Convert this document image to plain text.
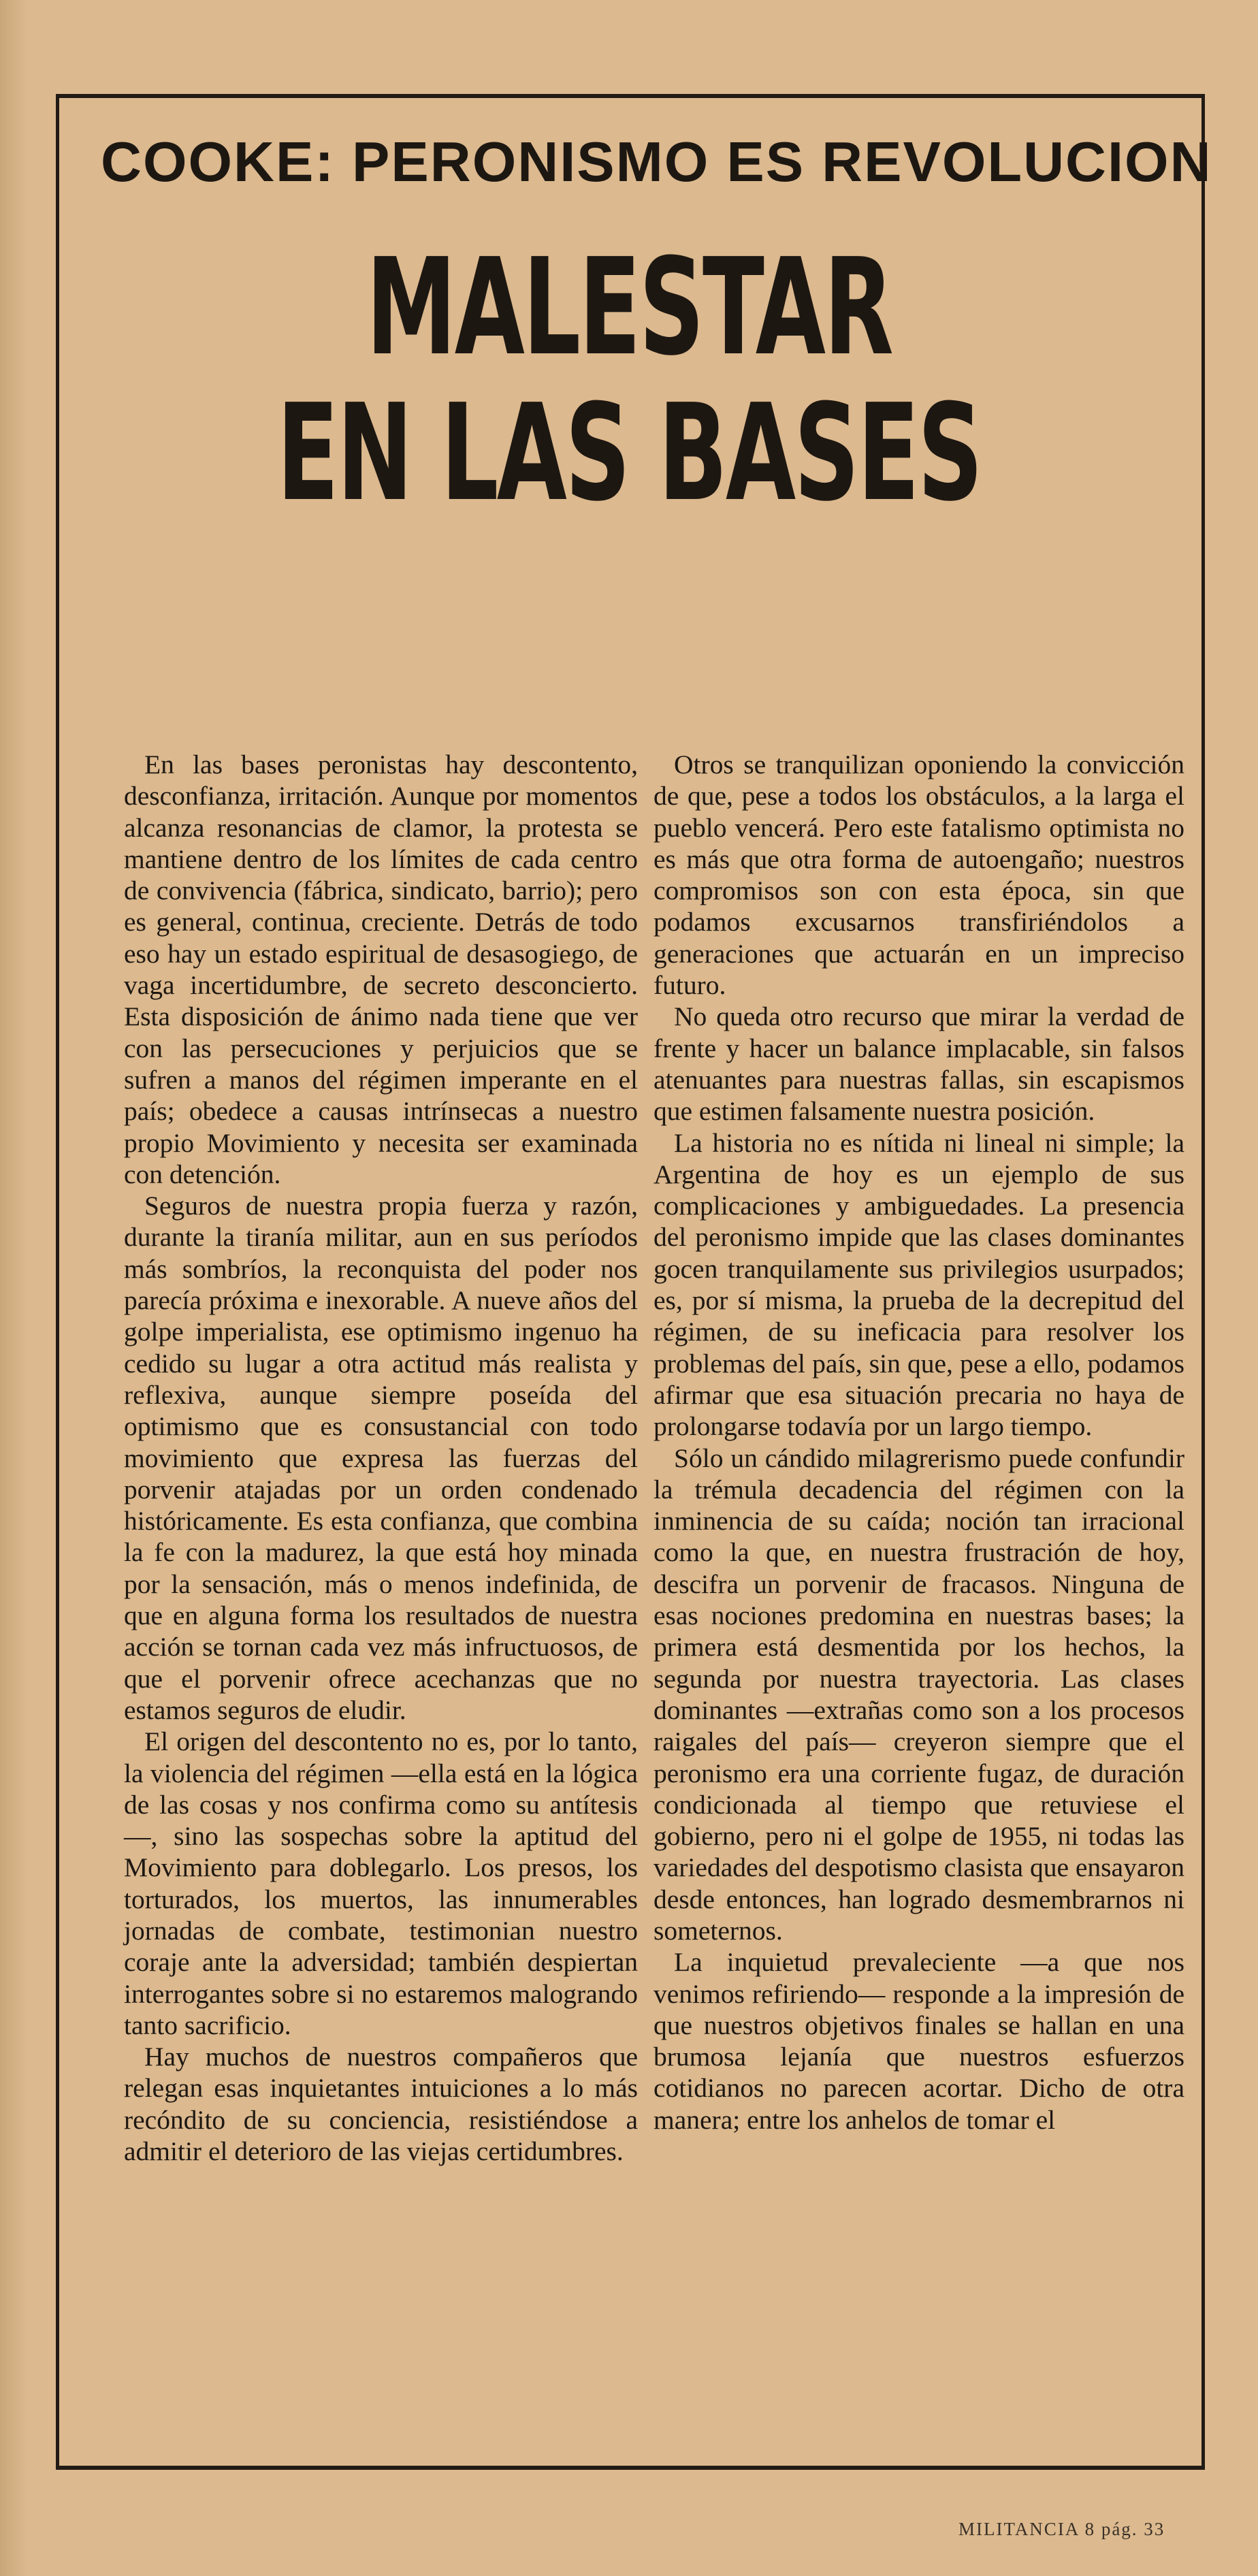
COOKE: PERONISMO ES REVOLUCION
MALESTAR
EN LAS BASES

En las bases peronistas hay descontento, desconfianza, irritación. Aunque por momentos alcanza resonancias de clamor, la protesta se mantiene dentro de los límites de cada centro de convivencia (fábrica, sindicato, barrio); pero es general, continua, creciente. Detrás de todo eso hay un estado espiritual de desasogiego, de vaga incertidumbre, de secreto desconcierto. Esta disposición de ánimo nada tiene que ver con las persecuciones y perjuicios que se sufren a manos del régimen imperante en el país; obedece a causas intrínsecas a nuestro propio Movimiento y necesita ser examinada con detención.

Seguros de nuestra propia fuerza y razón, durante la tiranía militar, aun en sus períodos más sombríos, la reconquista del poder nos parecía próxima e inexorable. A nueve años del golpe imperialista, ese optimismo ingenuo ha cedido su lugar a otra actitud más realista y reflexiva, aunque siempre poseída del optimismo que es consustancial con todo movimiento que expresa las fuerzas del porvenir atajadas por un orden condenado históricamente. Es esta confianza, que combina la fe con la madurez, la que está hoy minada por la sensación, más o menos indefinida, de que en alguna forma los resultados de nuestra acción se tornan cada vez más infructuosos, de que el porvenir ofrece acechanzas que no estamos seguros de eludir.

El origen del descontento no es, por lo tanto, la violencia del régimen —ella está en la lógica de las cosas y nos confirma como su antítesis—, sino las sospechas sobre la aptitud del Movimiento para doblegarlo. Los presos, los torturados, los muertos, las innumerables jornadas de combate, testimonian nuestro coraje ante la adversidad; también despiertan interrogantes sobre si no estaremos malogrando tanto sacrificio.

Hay muchos de nuestros compañeros que relegan esas inquietantes intuiciones a lo más recóndito de su conciencia, resistiéndose a admitir el deterioro de las viejas certidumbres.

Otros se tranquilizan oponiendo la convicción de que, pese a todos los obstáculos, a la larga el pueblo vencerá. Pero este fatalismo optimista no es más que otra forma de autoengaño; nuestros compromisos son con esta época, sin que podamos excusarnos transfiriéndolos a generaciones que actuarán en un impreciso futuro.

No queda otro recurso que mirar la verdad de frente y hacer un balance implacable, sin falsos atenuantes para nuestras fallas, sin escapismos que estimen falsamente nuestra posición.

La historia no es nítida ni lineal ni simple; la Argentina de hoy es un ejemplo de sus complicaciones y ambiguedades. La presencia del peronismo impide que las clases dominantes gocen tranquilamente sus privilegios usurpados; es, por sí misma, la prueba de la decrepitud del régimen, de su ineficacia para resolver los problemas del país, sin que, pese a ello, podamos afirmar que esa situación precaria no haya de prolongarse todavía por un largo tiempo.

Sólo un cándido milagrerismo puede confundir la trémula decadencia del régimen con la inminencia de su caída; noción tan irracional como la que, en nuestra frustración de hoy, descifra un porvenir de fracasos. Ninguna de esas nociones predomina en nuestras bases; la primera está desmentida por los hechos, la segunda por nuestra trayectoria. Las clases dominantes —extrañas como son a los procesos raigales del país— creyeron siempre que el peronismo era una corriente fugaz, de duración condicionada al tiempo que retuviese el gobierno, pero ni el golpe de 1955, ni todas las variedades del despotismo clasista que ensayaron desde entonces, han logrado desmembrarnos ni someternos.

La inquietud prevaleciente —a que nos venimos refiriendo— responde a la impresión de que nuestros objetivos finales se hallan en una brumosa lejanía que nuestros esfuerzos cotidianos no parecen acortar. Dicho de otra manera; entre los anhelos de tomar el

MILITANCIA 8 pág. 33
